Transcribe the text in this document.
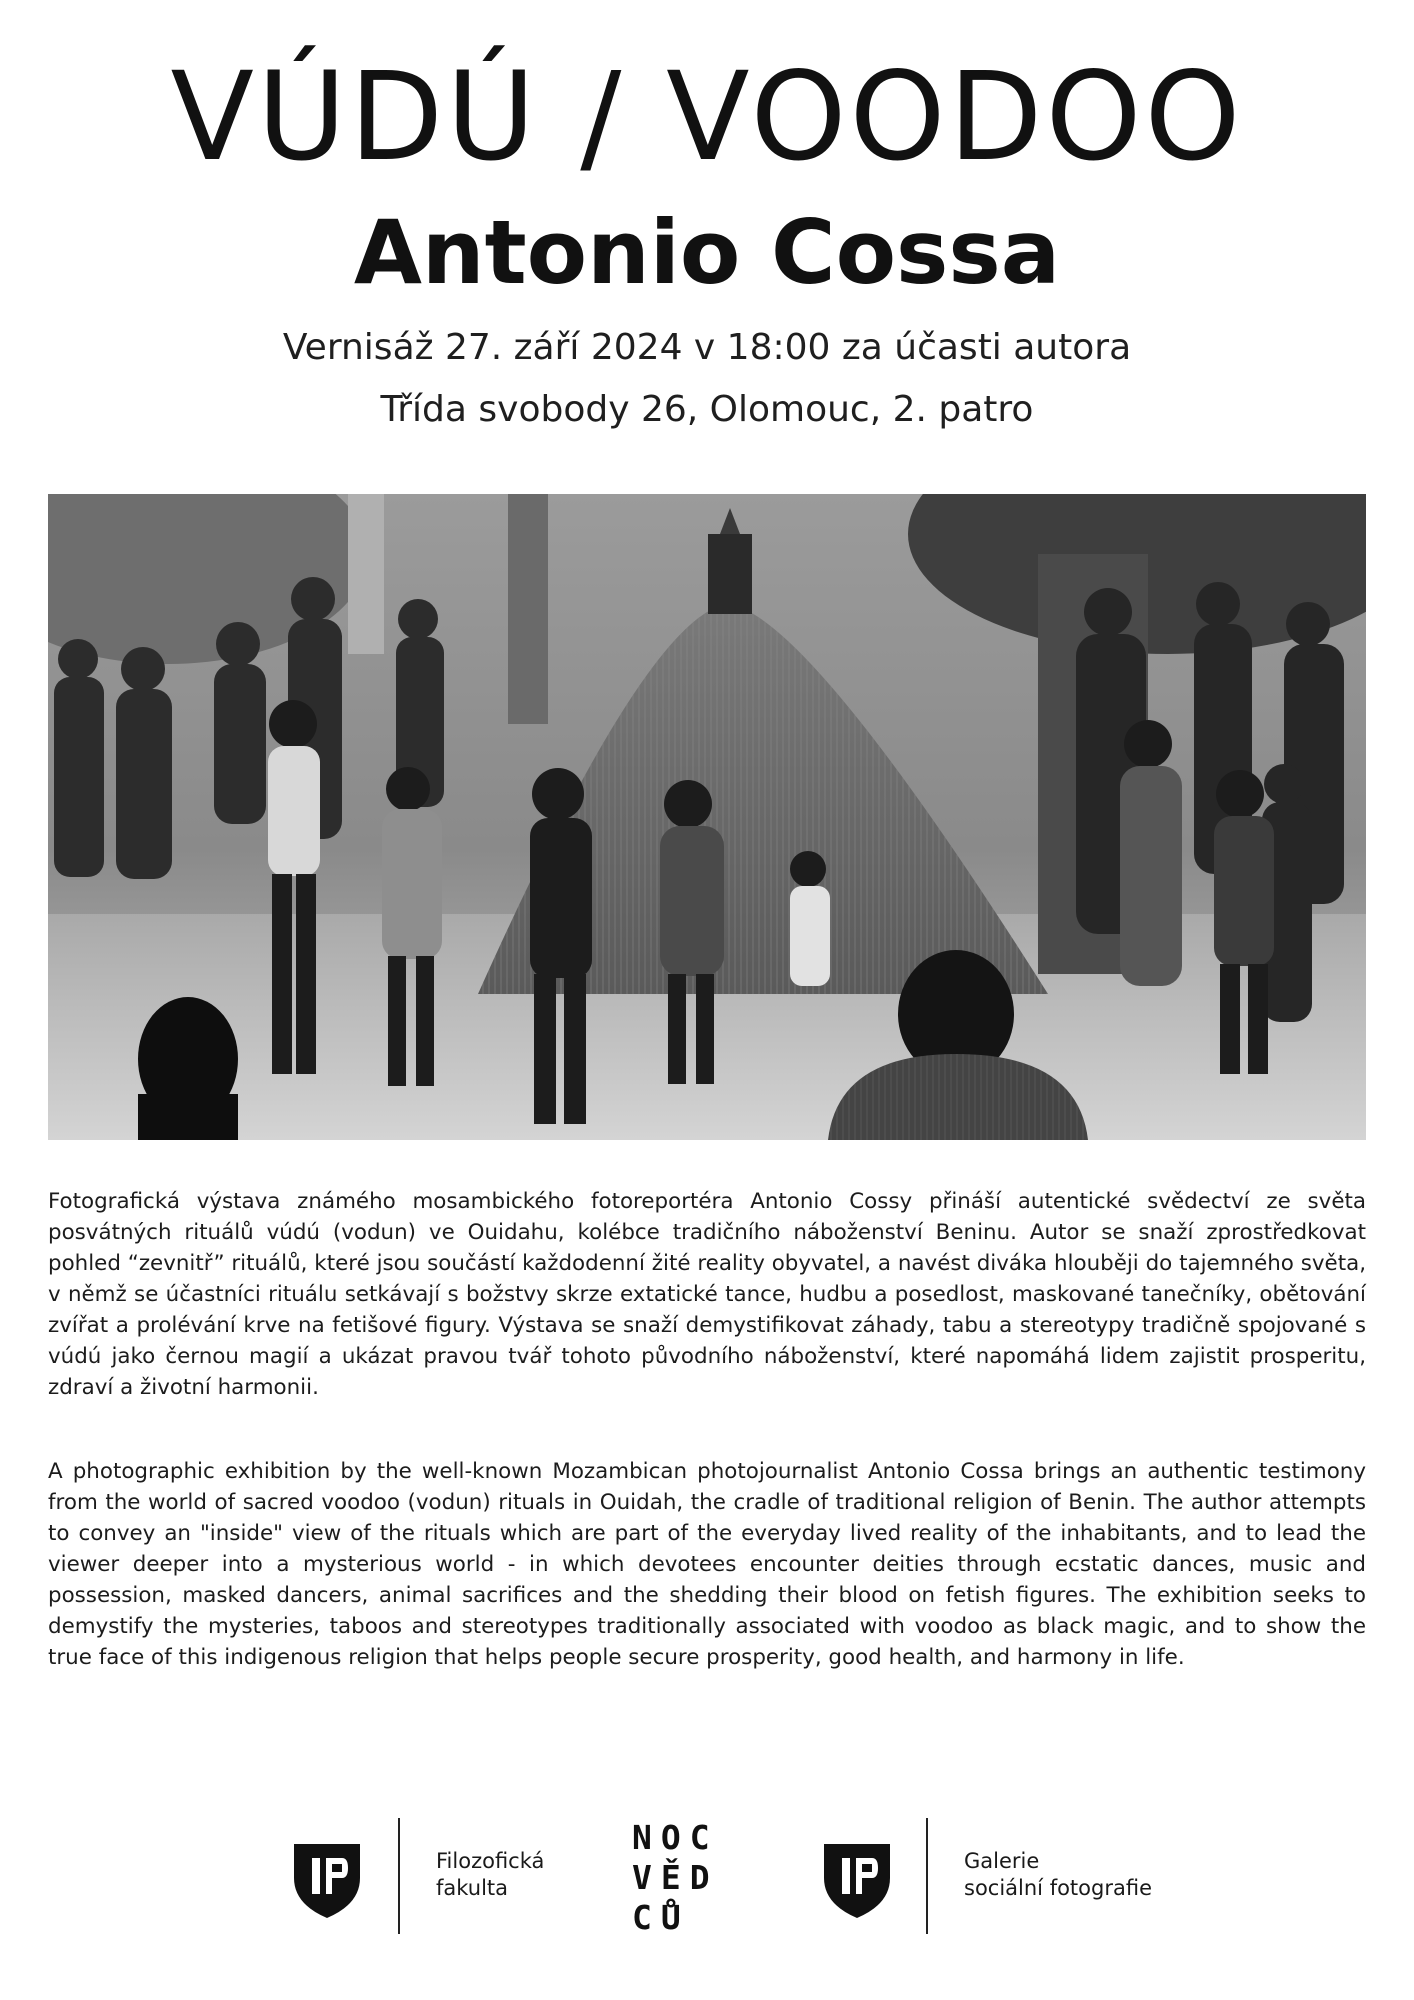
VÚDÚ / VOODOO
Antonio Cossa

Vernisáž 27. září 2024 v 18:00 za účasti autora

Třída svobody 26, Olomouc, 2. patro

Fotografická výstava známého mosambického fotoreportéra Antonio Cossy přináší autentické svědectví ze světa posvátných rituálů vúdú (vodun) ve Ouidahu, kolébce tradičního náboženství Beninu. Autor se snaží zprostředkovat pohled “zevnitř” rituálů, které jsou součástí každodenní žité reality obyvatel, a navést diváka hlouběji do tajemného světa, v němž se účastníci rituálu setkávají s božstvy skrze extatické tance, hudbu a posedlost, maskované tanečníky, obětování zvířat a prolévání krve na fetišové figury. Výstava se snaží demystifikovat záhady, tabu a stereotypy tradičně spojované s vúdú jako černou magií a ukázat pravou tvář tohoto původního náboženství, které napomáhá lidem zajistit prosperitu, zdraví a životní harmonii.

A photographic exhibition by the well-known Mozambican photojournalist Antonio Cossa brings an authentic testimony from the world of sacred voodoo (vodun) rituals in Ouidah, the cradle of traditional religion of Benin. The author attempts to convey an "inside" view of the rituals which are part of the everyday lived reality of the inhabitants, and to lead the viewer deeper into a mysterious world - in which devotees encounter deities through ecstatic dances, music and possession, masked dancers, animal sacrifices and the shedding their blood on fetish figures. The exhibition seeks to demystify the mysteries, taboos and stereotypes traditionally associated with voodoo as black magic, and to show the true face of this indigenous religion that helps people secure prosperity, good health, and harmony in life.

Filozofická
fakulta
NOC
VĚD
CŮ
Galerie
sociální fotografie
